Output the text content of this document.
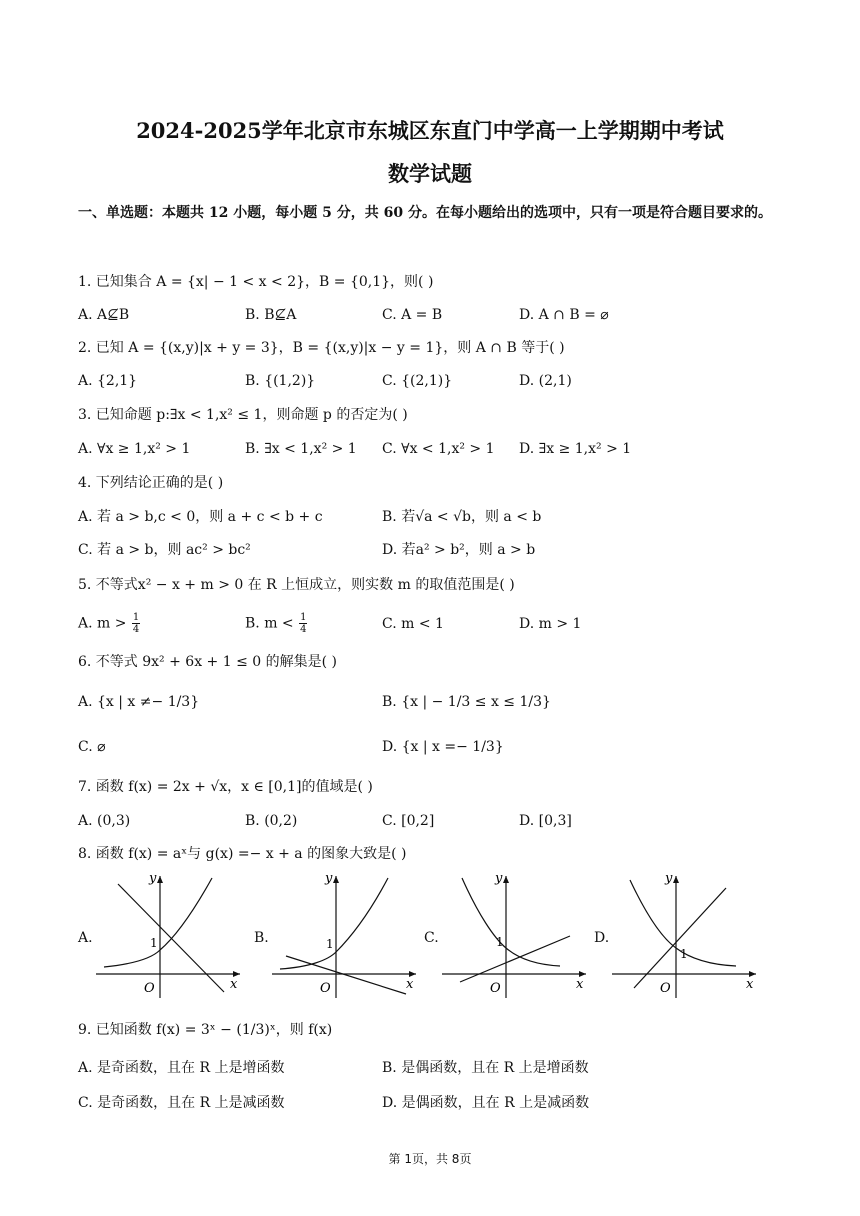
2024-2025学年北京市东城区东直门中学高一上学期期中考试
数学试题
一、单选题：本题共 12 小题，每小题 5 分，共 60 分。在每小题给出的选项中，只有一项是符合题目要求的。
1. 已知集合 A = {x| − 1 < x < 2}，B = {0,1}，则( )
A. A⊈B	B. B⊈A	C. A = B	D. A ∩ B = ⌀
2. 已知 A = {(x,y)|x + y = 3}，B = {(x,y)|x − y = 1}，则 A ∩ B 等于( )
A. {2,1}	B. {(1,2)}	C. {(2,1)}	D. (2,1)
3. 已知命题 p:∃x < 1,x² ≤ 1，则命题 p 的否定为( )
A. ∀x ≥ 1,x² > 1	B. ∃x < 1,x² > 1 C. ∀x < 1,x² > 1 D. ∃x ≥ 1,x² > 1
4. 下列结论正确的是( )
A. 若 a > b,c < 0，则 a + c < b + c	B. 若√a < √b，则 a < b
C. 若 a > b，则 ac² > bc²	D. 若a² > b²，则 a > b
5. 不等式x² − x + m > 0 在 R 上恒成立，则实数 m 的取值范围是( )
A. $m > \frac{1}{4}$	B. $m < \frac{1}{4}$	C. m < 1	D. m > 1
6. 不等式 9x² + 6x + 1 ≤ 0 的解集是( )
A. {x | x ≠− 1/3}	B. {x | − 1/3 ≤ x ≤ 1/3}
C. ⌀	D. {x | x =− 1/3}
7. 函数 f(x) = 2x + √x，x ∈ [0,1]的值域是( )
A. (0,3)	B. (0,2)	C. [0,2]	D. [0,3]
8. 函数 f(x) = aˣ与 g(x) =− x + a 的图象大致是( )
A.
y
x
O
1	B.
y
x
O
1	C.
y
x
O
1	D.
y
x
O
1
9. 已知函数 f(x) = 3ˣ − (1/3)ˣ，则 f(x)
A. 是奇函数，且在 R 上是增函数	B. 是偶函数，且在 R 上是增函数
C. 是奇函数，且在 R 上是减函数	D. 是偶函数，且在 R 上是减函数
第 1页，共 8页
